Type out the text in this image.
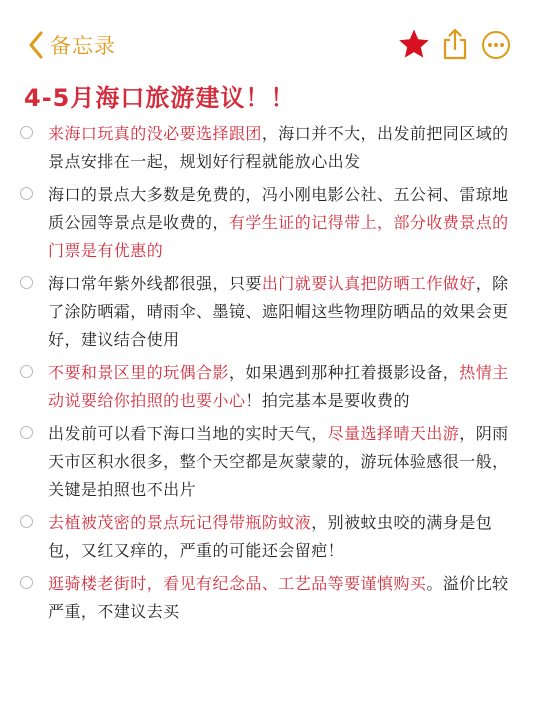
备忘录
4-5月海口旅游建议！！

来海口玩真的没必要选择跟团，海口并不大，出发前把同区域的景点安排在一起，规划好行程就能放心出发

海口的景点大多数是免费的，冯小刚电影公社、五公祠、雷琼地质公园等景点是收费的，有学生证的记得带上，部分收费景点的门票是有优惠的

海口常年紫外线都很强，只要出门就要认真把防晒工作做好，除了涂防晒霜，晴雨伞、墨镜、遮阳帽这些物理防晒品的效果会更好，建议结合使用

不要和景区里的玩偶合影，如果遇到那种扛着摄影设备，热情主动说要给你拍照的也要小心！拍完基本是要收费的

出发前可以看下海口当地的实时天气，尽量选择晴天出游，阴雨天市区积水很多，整个天空都是灰蒙蒙的，游玩体验感很一般，关键是拍照也不出片

去植被茂密的景点玩记得带瓶防蚊液，别被蚊虫咬的满身是包包，又红又痒的，严重的可能还会留疤！

逛骑楼老街时，看见有纪念品、工艺品等要谨慎购买。溢价比较严重，不建议去买
